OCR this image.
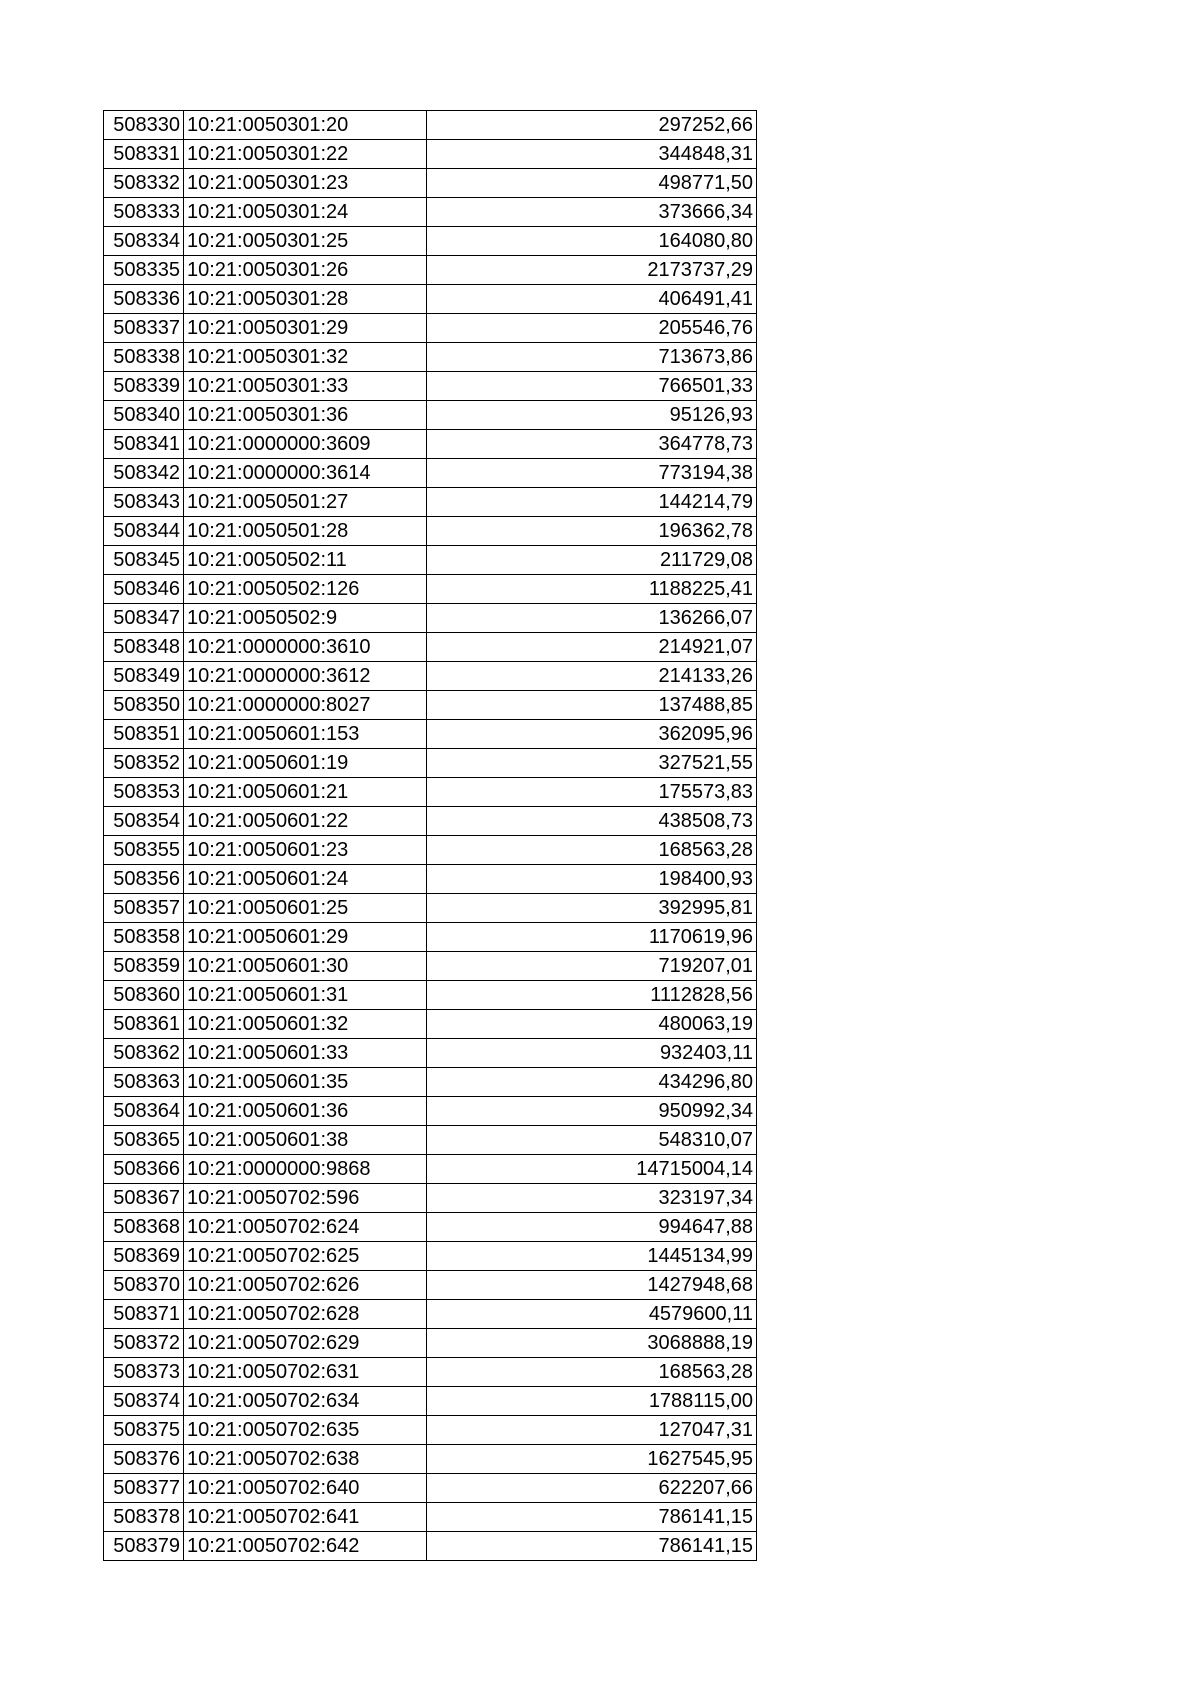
508330	10:21:0050301:20	297252,66
508331	10:21:0050301:22	344848,31
508332	10:21:0050301:23	498771,50
508333	10:21:0050301:24	373666,34
508334	10:21:0050301:25	164080,80
508335	10:21:0050301:26	2173737,29
508336	10:21:0050301:28	406491,41
508337	10:21:0050301:29	205546,76
508338	10:21:0050301:32	713673,86
508339	10:21:0050301:33	766501,33
508340	10:21:0050301:36	95126,93
508341	10:21:0000000:3609	364778,73
508342	10:21:0000000:3614	773194,38
508343	10:21:0050501:27	144214,79
508344	10:21:0050501:28	196362,78
508345	10:21:0050502:11	211729,08
508346	10:21:0050502:126	1188225,41
508347	10:21:0050502:9	136266,07
508348	10:21:0000000:3610	214921,07
508349	10:21:0000000:3612	214133,26
508350	10:21:0000000:8027	137488,85
508351	10:21:0050601:153	362095,96
508352	10:21:0050601:19	327521,55
508353	10:21:0050601:21	175573,83
508354	10:21:0050601:22	438508,73
508355	10:21:0050601:23	168563,28
508356	10:21:0050601:24	198400,93
508357	10:21:0050601:25	392995,81
508358	10:21:0050601:29	1170619,96
508359	10:21:0050601:30	719207,01
508360	10:21:0050601:31	1112828,56
508361	10:21:0050601:32	480063,19
508362	10:21:0050601:33	932403,11
508363	10:21:0050601:35	434296,80
508364	10:21:0050601:36	950992,34
508365	10:21:0050601:38	548310,07
508366	10:21:0000000:9868	14715004,14
508367	10:21:0050702:596	323197,34
508368	10:21:0050702:624	994647,88
508369	10:21:0050702:625	1445134,99
508370	10:21:0050702:626	1427948,68
508371	10:21:0050702:628	4579600,11
508372	10:21:0050702:629	3068888,19
508373	10:21:0050702:631	168563,28
508374	10:21:0050702:634	1788115,00
508375	10:21:0050702:635	127047,31
508376	10:21:0050702:638	1627545,95
508377	10:21:0050702:640	622207,66
508378	10:21:0050702:641	786141,15
508379	10:21:0050702:642	786141,15
